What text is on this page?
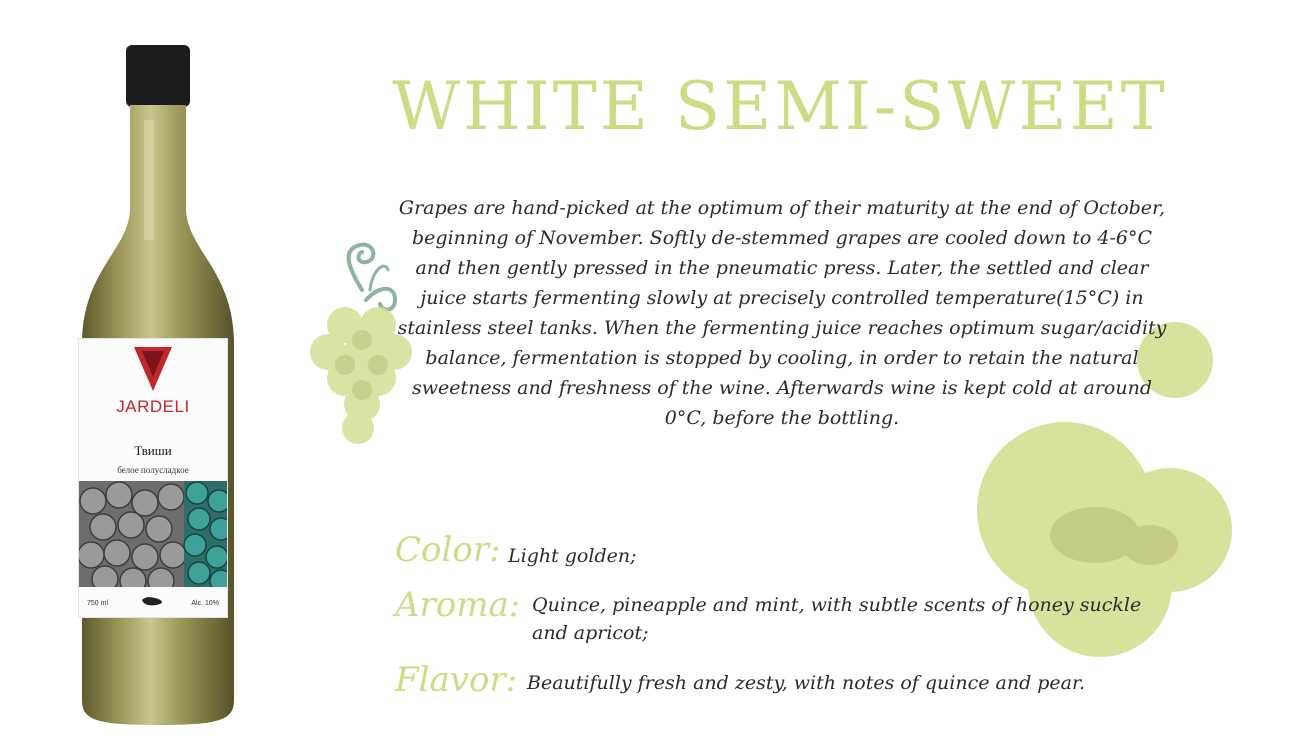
JARDELI
Твиши
белое полусладкое
750 ml	Alc. 10%
WHITE SEMI-SWEET
Grapes are hand-picked at the optimum of their maturity at the end of October, beginning of November. Softly de-stemmed grapes are cooled down to 4-6°C and then gently pressed in the pneumatic press. Later, the settled and clear juice starts fermenting slowly at precisely controlled temperature(15°C) in stainless steel tanks. When the fermenting juice reaches optimum sugar/acidity balance, fermentation is stopped by cooling, in order to retain the natural sweetness and freshness of the wine. Afterwards wine is kept cold at around 0°C, before the bottling.
Color: Light golden;
Aroma: Quince, pineapple and mint, with subtle scents of honey suckle and apricot;
Flavor: Beautifully fresh and zesty, with notes of quince and pear.
